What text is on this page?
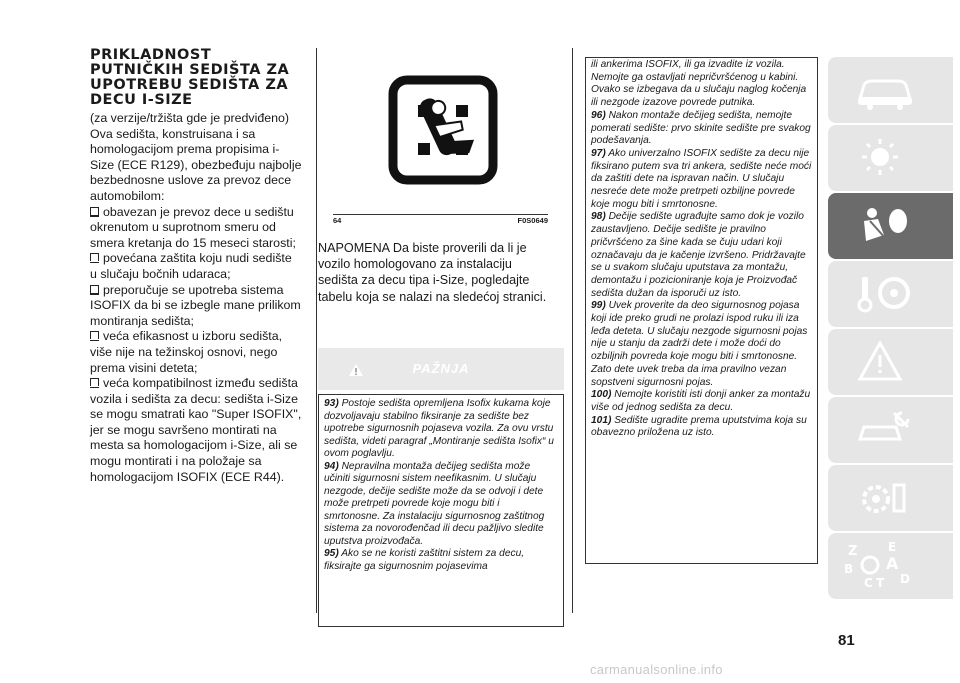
PRIKLADNOST
PUTNIČKIH SEDIŠTA ZA
UPOTREBU SEDIŠTA ZA
DECU I-SIZE

(za verzije/tržišta gde je predviđeno) Ova sedišta, konstruisana i sa homologacijom prema propisima i-Size (ECE R129), obezbeđuju najbolje bezbednosne uslove za prevoz dece automobilom:

obavezan je prevoz dece u sedištu okrenutom u suprotnom smeru od smera kretanja do 15 meseci starosti;

povećana zaštita koju nudi sedište u slučaju bočnih udaraca;

preporučuje se upotreba sistema ISOFIX da bi se izbegle mane prilikom montiranja sedišta;

veća efikasnost u izboru sedišta, više nije na težinskoj osnovi, nego prema visini deteta;

veća kompatibilnost između sedišta vozila i sedišta za decu: sedišta i-Size se mogu smatrati kao "Super ISOFIX", jer se mogu savršeno montirati na mesta sa homologacijom i-Size, ali se mogu montirati i na položaje sa homologacijom ISOFIX (ECE R44).

64	F0S0649

NAPOMENA Da biste proverili da li je vozilo homologovano za instalaciju sedišta za decu tipa i-Size, pogledajte tabelu koja se nalazi na sledećoj stranici.

PAŽNJA

93) Postoje sedišta opremljena Isofix kukama koje dozvoljavaju stabilno fiksiranje za sedište bez upotrebe sigurnosnih pojaseva vozila. Za ovu vrstu sedišta, videti paragraf „Montiranje sedišta Isofix“ u ovom poglavlju.

94) Nepravilna montaža dečijeg sedišta može učiniti sigurnosni sistem neefikasnim. U slučaju nezgode, dečije sedište može da se odvoji i dete može pretrpeti povrede koje mogu biti i smrtonosne. Za instalaciju sigurnosnog zaštitnog sistema za novorođenčad ili decu pažljivo sledite uputstva proizvođača.

95) Ako se ne koristi zaštitni sistem za decu, fiksirajte ga sigurnosnim pojasevima

ili ankerima ISOFIX, ili ga izvadite iz vozila. Nemojte ga ostavljati nepričvršćenog u kabini. Ovako se izbegava da u slučaju naglog kočenja ili nezgode izazove povrede putnika.

96) Nakon montaže dečijeg sedišta, nemojte pomerati sedište: prvo skinite sedište pre svakog podešavanja.

97) Ako univerzalno ISOFIX sedište za decu nije fiksirano putem sva tri ankera, sedište neće moći da zaštiti dete na ispravan način. U slučaju nesreće dete može pretrpeti ozbiljne povrede koje mogu biti i smrtonosne.

98) Dečije sedište ugrađujte samo dok je vozilo zaustavljeno. Dečije sedište je pravilno pričvršćeno za šine kada se čuju udari koji označavaju da je kačenje izvršeno. Pridržavajte se u svakom slučaju uputstava za montažu, demontažu i pozicioniranje koja je Proizvođač sedišta dužan da isporuči uz isto.

99) Uvek proverite da deo sigurnosnog pojasa koji ide preko grudi ne prolazi ispod ruku ili iza leđa deteta. U slučaju nezgode sigurnosni pojas nije u stanju da zadrži dete i može doći do ozbiljnih povreda koje mogu biti i smrtonosne. Zato dete uvek treba da ima pravilno vezan sopstveni sigurnosni pojas.

100) Nemojte koristiti isti donji anker za montažu više od jednog sedišta za decu.

101) Sedište ugradite prema uputstvima koja su obavezno priložena uz isto.

Z	E
B A
C T D
81
carmanualsonline.info
